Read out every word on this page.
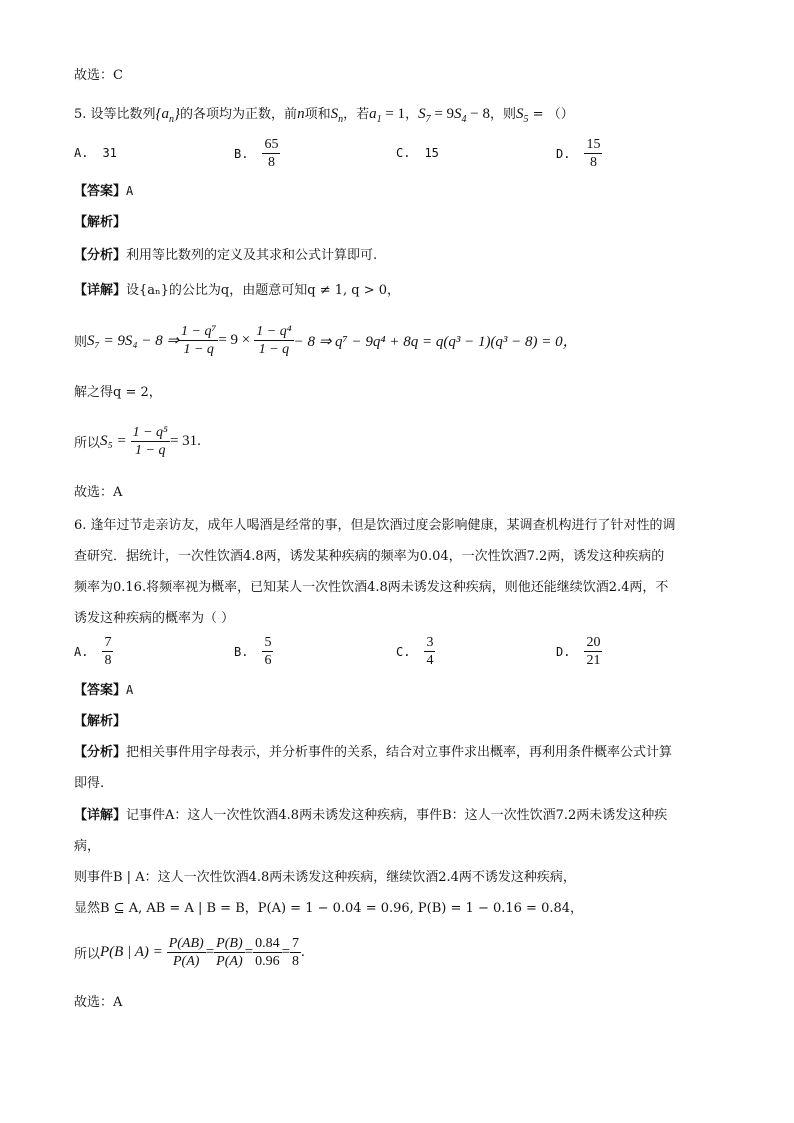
故选：C
5. 设等比数列$\{a_n\}$的各项均为正数，前n项和$S_n$，若$a_1 = 1$，$S_7 = 9S_4 - 8$，则$S_5$ = （）
A. 31	B. $\frac{65}{8}$	C. 15	D. $\frac{15}{8}$
【答案】A
【解析】
【分析】利用等比数列的定义及其求和公式计算即可.
【详解】设{aₙ}的公比为q，由题意可知q ≠ 1, q > 0，
则 S₇ = 9S₄ − 8 ⇒ $\frac{\text{1 − q⁷}}{1 - q} = 9 \times \frac{\text{1 − q⁴}}{1 - q} - 8$ ⇒ q⁷ − 9q⁴ + 8q = q(q³ − 1)(q³ − 8) = 0，
解之得q = 2，
所以 $S_5 = \frac{\text{1 − q⁵}}{1 - q} = 31$.
故选：A
6. 逢年过节走亲访友，成年人喝酒是经常的事，但是饮酒过度会影响健康，某调查机构进行了针对性的调
查研究．据统计，一次性饮酒4.8两，诱发某种疾病的频率为0.04，一次性饮酒7.2两，诱发这种疾病的
频率为0.16.将频率视为概率，已知某人一次性饮酒4.8两未诱发这种疾病，则他还能继续饮酒2.4两，不
诱发这种疾病的概率为（ ）
A. $\frac{7}{8}$	B. $\frac{5}{6}$	C. $\frac{3}{4}$	D. $\frac{20}{21}$
【答案】A
【解析】
【分析】把相关事件用字母表示，并分析事件的关系，结合对立事件求出概率，再利用条件概率公式计算
即得.
【详解】记事件A：这人一次性饮酒4.8两未诱发这种疾病，事件B：这人一次性饮酒7.2两未诱发这种疾
病，
则事件B | A：这人一次性饮酒4.8两未诱发这种疾病，继续饮酒2.4两不诱发这种疾病，
显然B ⊆ A, AB = A | B = B，P(A) = 1 − 0.04 = 0.96, P(B) = 1 − 0.16 = 0.84，
所以 P(B | $A) = \frac{P(AB)}{P(A)} = \frac{P(B)}{P(A)} = \frac{0.84}{0.96} = \frac{7}{8}$ .
故选：A
